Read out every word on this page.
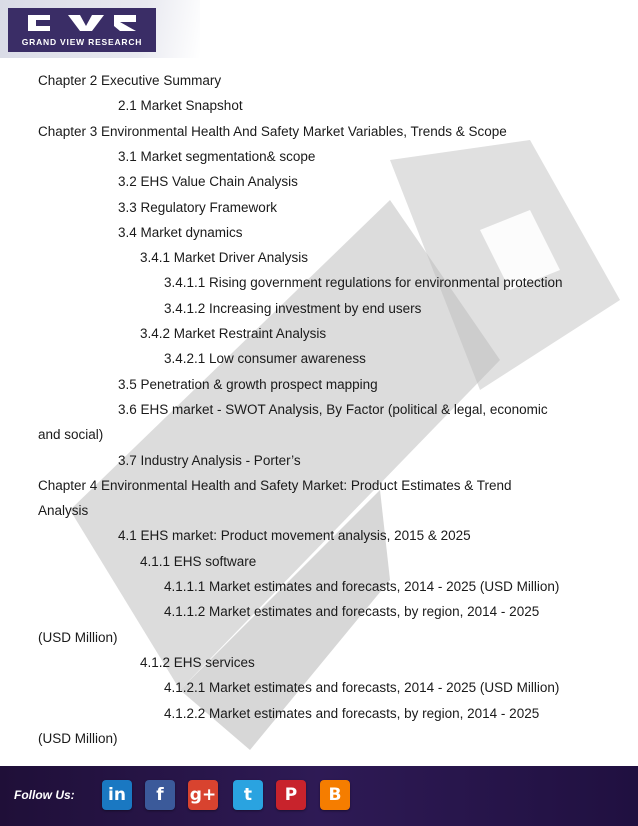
GRAND VIEW RESEARCH
Chapter 2 Executive Summary
2.1 Market Snapshot
Chapter 3 Environmental Health And Safety Market Variables, Trends & Scope
3.1 Market segmentation& scope
3.2 EHS Value Chain Analysis
3.3 Regulatory Framework
3.4 Market dynamics
3.4.1 Market Driver Analysis
3.4.1.1 Rising government regulations for environmental protection
3.4.1.2 Increasing investment by end users
3.4.2 Market Restraint Analysis
3.4.2.1 Low consumer awareness
3.5 Penetration & growth prospect mapping
3.6 EHS market - SWOT Analysis, By Factor (political & legal, economic
and social)
3.7 Industry Analysis - Porter’s
Chapter 4 Environmental Health and Safety Market: Product Estimates & Trend
Analysis
4.1 EHS market: Product movement analysis, 2015 & 2025
4.1.1 EHS software
4.1.1.1 Market estimates and forecasts, 2014 - 2025 (USD Million)
4.1.1.2 Market estimates and forecasts, by region, 2014 - 2025
(USD Million)
4.1.2 EHS services
4.1.2.1 Market estimates and forecasts, 2014 - 2025 (USD Million)
4.1.2.2 Market estimates and forecasts, by region, 2014 - 2025
(USD Million)
Follow Us:	in	f	g+	t	P	B
